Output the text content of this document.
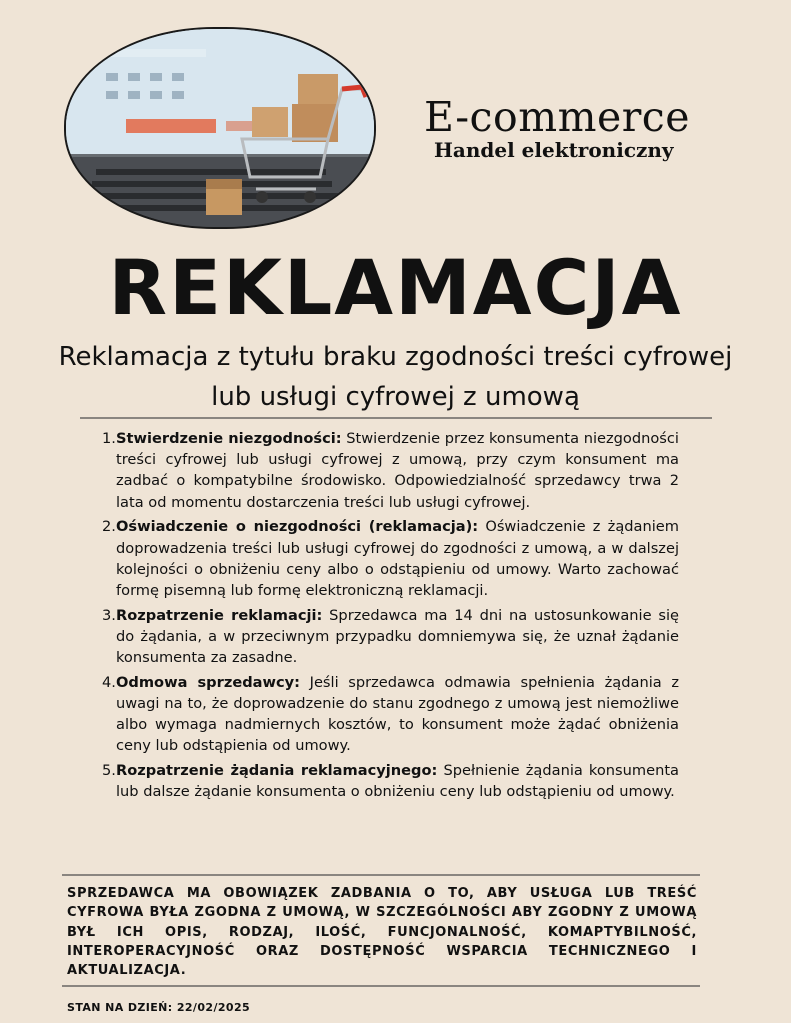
E-commerce
Handel elektroniczny
REKLAMACJA
Reklamacja z tytułu braku zgodności treści cyfrowej
lub usługi cyfrowej z umową
1. Stwierdzenie niezgodności: Stwierdzenie przez konsumenta niezgodności treści cyfrowej lub usługi cyfrowej z umową, przy czym konsument ma zadbać o kompatybilne środowisko. Odpowiedzialność sprzedawcy trwa 2 lata od momentu dostarczenia treści lub usługi cyfrowej.
2. Oświadczenie o niezgodności (reklamacja): Oświadczenie z żądaniem doprowadzenia treści lub usługi cyfrowej do zgodności z umową, a w dalszej kolejności o obniżeniu ceny albo o odstąpieniu od umowy. Warto zachować formę pisemną lub formę elektroniczną reklamacji.
3. Rozpatrzenie reklamacji: Sprzedawca ma 14 dni na ustosunkowanie się do żądania, a w przeciwnym przypadku domniemywa się, że uznał żądanie konsumenta za zasadne.
4. Odmowa sprzedawcy: Jeśli sprzedawca odmawia spełnienia żądania z uwagi na to, że doprowadzenie do stanu zgodnego z umową jest niemożliwe albo wymaga nadmiernych kosztów, to konsument może żądać obniżenia ceny lub odstąpienia od umowy.
5. Rozpatrzenie żądania reklamacyjnego: Spełnienie żądania konsumenta lub dalsze żądanie konsumenta o obniżeniu ceny lub odstąpieniu od umowy.
SPRZEDAWCA MA OBOWIĄZEK ZADBANIA O TO, ABY USŁUGA LUB TREŚĆ CYFROWA BYŁA ZGODNA Z UMOWĄ, W SZCZEGÓLNOŚCI ABY ZGODNY Z UMOWĄ BYŁ ICH OPIS, RODZAJ, ILOŚĆ, FUNCJONALNOŚĆ, KOMAPTYBILNOŚĆ, INTEROPERACYJNOŚĆ ORAZ DOSTĘPNOŚĆ WSPARCIA TECHNICZNEGO I AKTUALIZACJA.
STAN NA DZIEŃ: 22/02/2025
